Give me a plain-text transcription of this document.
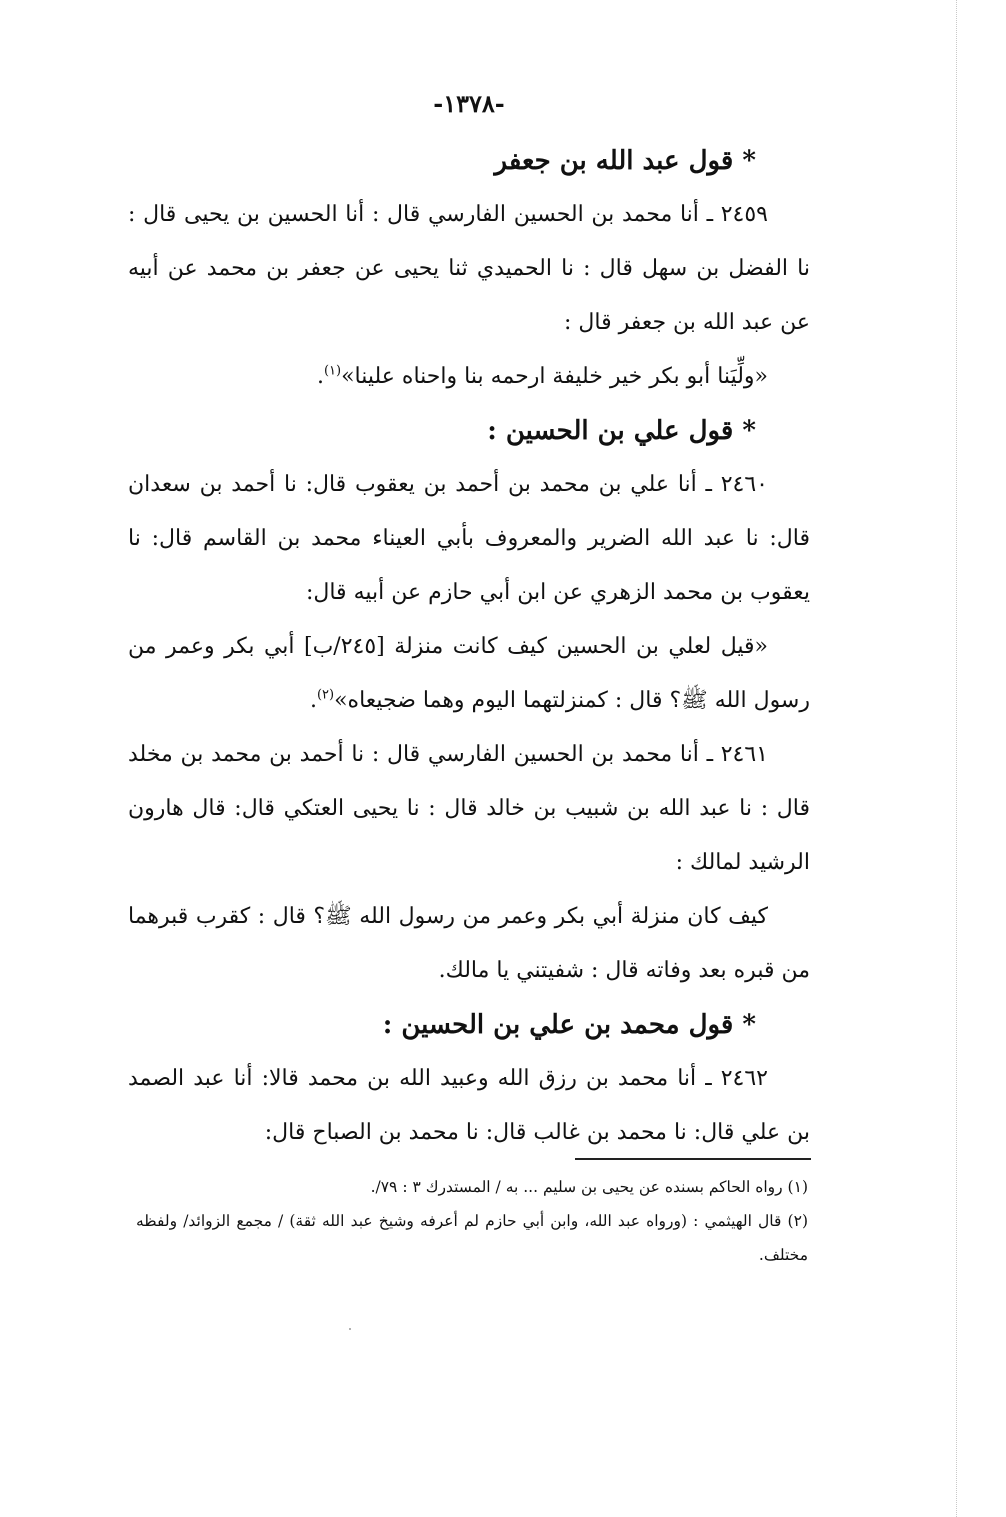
-١٣٧٨-
* قول عبد الله بن جعفر

٢٤٥٩ ـ أنا محمد بن الحسين الفارسي قال : أنا الحسين بن يحيى قال : نا الفضل بن سهل قال : نا الحميدي ثنا يحيى عن جعفر بن محمد عن أبيه عن عبد الله بن جعفر قال :

«ولِّيَنا أبو بكر خير خليفة ارحمه بنا واحناه علينا»$^{(١)}$.

* قول علي بن الحسين :

٢٤٦٠ ـ أنا علي بن محمد بن أحمد بن يعقوب قال: نا أحمد بن سعدان قال: نا عبد الله الضرير والمعروف بأبي العيناء محمد بن القاسم قال: نا يعقوب بن محمد الزهري عن ابن أبي حازم عن أبيه قال:

«قيل لعلي بن الحسين كيف كانت منزلة [٢٤٥/ب] أبي بكر وعمر من رسول الله ﷺ؟ قال : كمنزلتهما اليوم وهما ضجيعاه»$^{(٢)}$.

٢٤٦١ ـ أنا محمد بن الحسين الفارسي قال : نا أحمد بن محمد بن مخلد قال : نا عبد الله بن شبيب بن خالد قال : نا يحيى العتكي قال: قال هارون الرشيد لمالك :

كيف كان منزلة أبي بكر وعمر من رسول الله ﷺ؟ قال : كقرب قبرهما من قبره بعد وفاته قال : شفيتني يا مالك.

* قول محمد بن علي بن الحسين :

٢٤٦٢ ـ أنا محمد بن رزق الله وعبيد الله بن محمد قالا: أنا عبد الصمد بن علي قال: نا محمد بن غالب قال: نا محمد بن الصباح قال:

(١) رواه الحاكم بسنده عن يحيى بن سليم ... به / المستدرك ٣ : ٧٩/.

(٢) قال الهيثمي : (ورواه عبد الله، وابن أبي حازم لم أعرفه وشيخ عبد الله ثقة) / مجمع الزوائد/ ولفظه مختلف.
